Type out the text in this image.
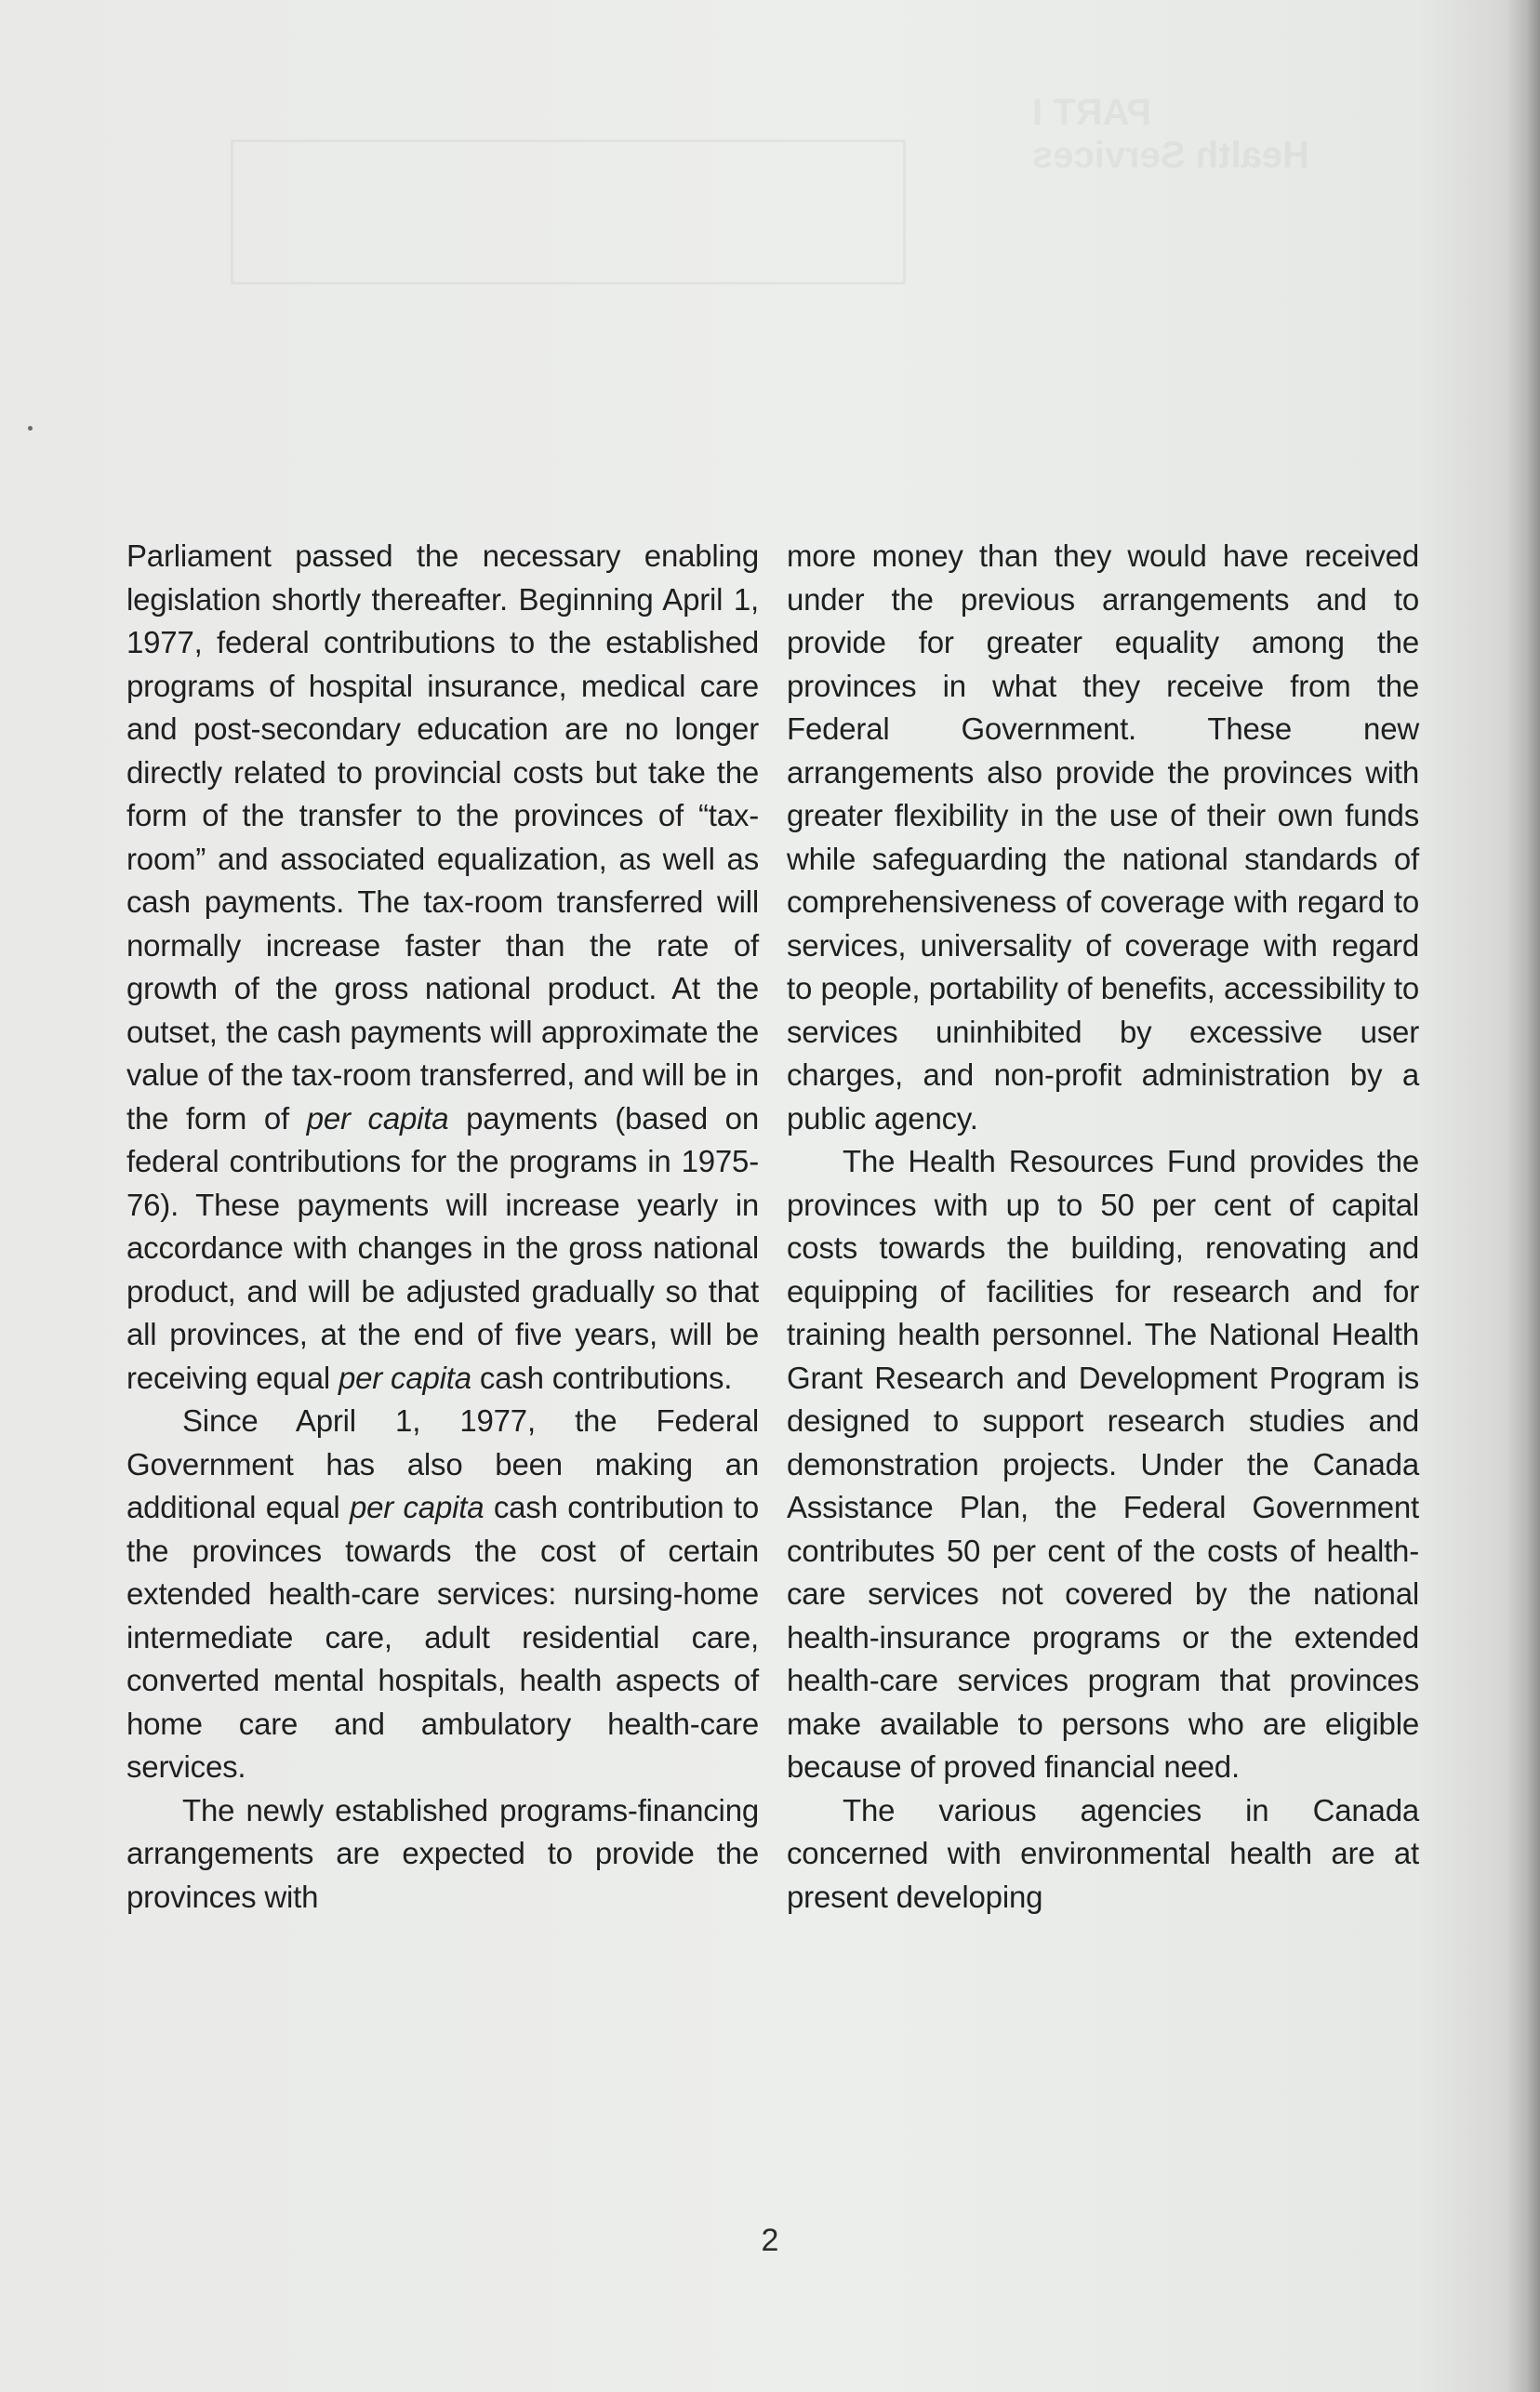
Parliament passed the necessary enabling legislation shortly thereafter. Beginning April 1, 1977, federal contributions to the established programs of hospital insurance, medical care and post-secondary education are no longer directly related to provincial costs but take the form of the transfer to the provinces of “tax-room” and associated equalization, as well as cash payments. The tax-room transferred will normally increase faster than the rate of growth of the gross national product. At the outset, the cash payments will approximate the value of the tax-room transferred, and will be in the form of per capita payments (based on federal contributions for the programs in 1975-76). These payments will increase yearly in accordance with changes in the gross national product, and will be adjusted gradually so that all provinces, at the end of five years, will be receiving equal per capita cash contributions.

Since April 1, 1977, the Federal Government has also been making an additional equal per capita cash contribution to the provinces towards the cost of certain extended health-care services: nursing-home intermediate care, adult residential care, converted mental hospitals, health aspects of home care and ambulatory health-care services.

The newly established programs-financing arrangements are expected to provide the provinces with

more money than they would have received under the previous arrangements and to provide for greater equality among the provinces in what they receive from the Federal Government. These new arrangements also provide the provinces with greater flexibility in the use of their own funds while safeguarding the national standards of comprehensiveness of coverage with regard to services, universality of coverage with regard to people, portability of benefits, accessibility to services uninhibited by excessive user charges, and non-profit administration by a public agency.

The Health Resources Fund provides the provinces with up to 50 per cent of capital costs towards the building, renovating and equipping of facilities for research and for training health personnel. The National Health Grant Research and Development Program is designed to support research studies and demonstration projects. Under the Canada Assistance Plan, the Federal Government contributes 50 per cent of the costs of health-care services not covered by the national health-insurance programs or the extended health-care services program that provinces make available to persons who are eligible because of proved financial need.

The various agencies in Canada concerned with environmental health are at present developing

2
